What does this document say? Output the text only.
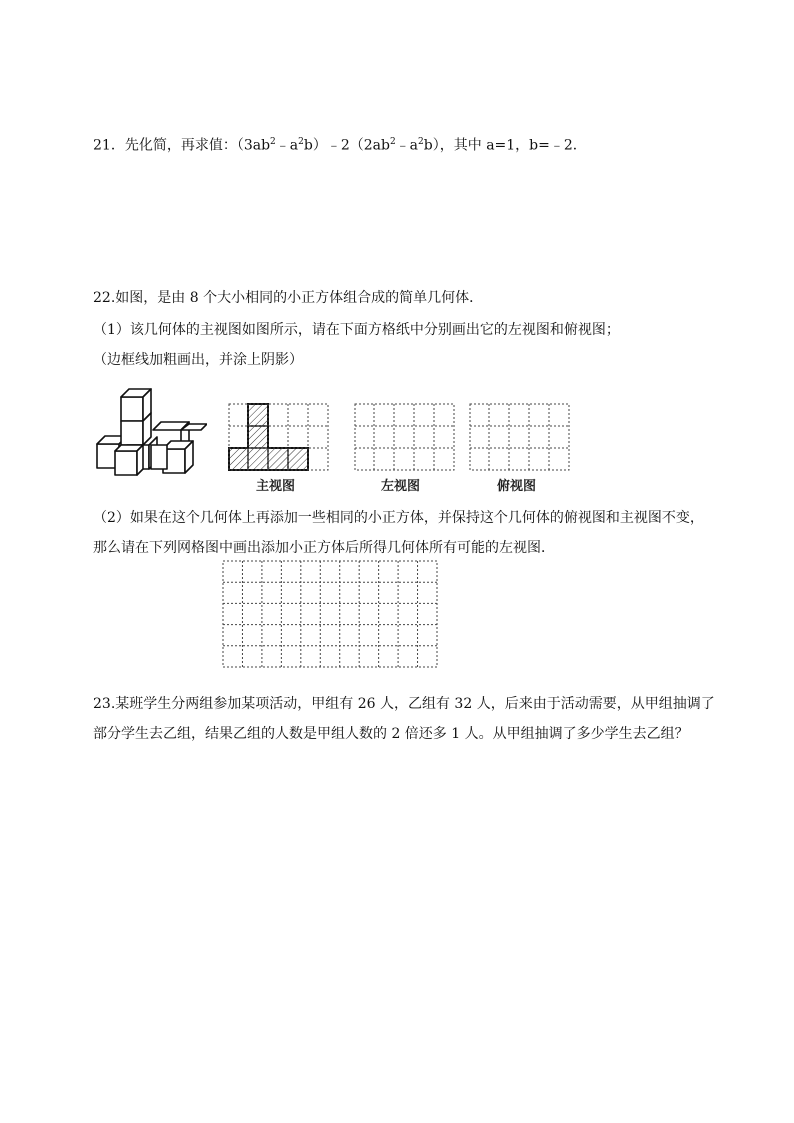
21．先化简，再求值：$(3ab^2﹣a^2b)﹣2(2ab^2﹣a^2b)$，其中 a=1，b=﹣2．
22.如图，是由 8 个大小相同的小正方体组合成的简单几何体．
（1）该几何体的主视图如图所示，请在下面方格纸中分别画出它的左视图和俯视图；
（边框线加粗画出，并涂上阴影）
主视图	左视图	俯视图
（2）如果在这个几何体上再添加一些相同的小正方体，并保持这个几何体的俯视图和主视图不变，
那么请在下列网格图中画出添加小正方体后所得几何体所有可能的左视图．
23.某班学生分两组参加某项活动，甲组有 26 人，乙组有 32 人，后来由于活动需要，从甲组抽调了
部分学生去乙组，结果乙组的人数是甲组人数的 2 倍还多 1 人。从甲组抽调了多少学生去乙组？
